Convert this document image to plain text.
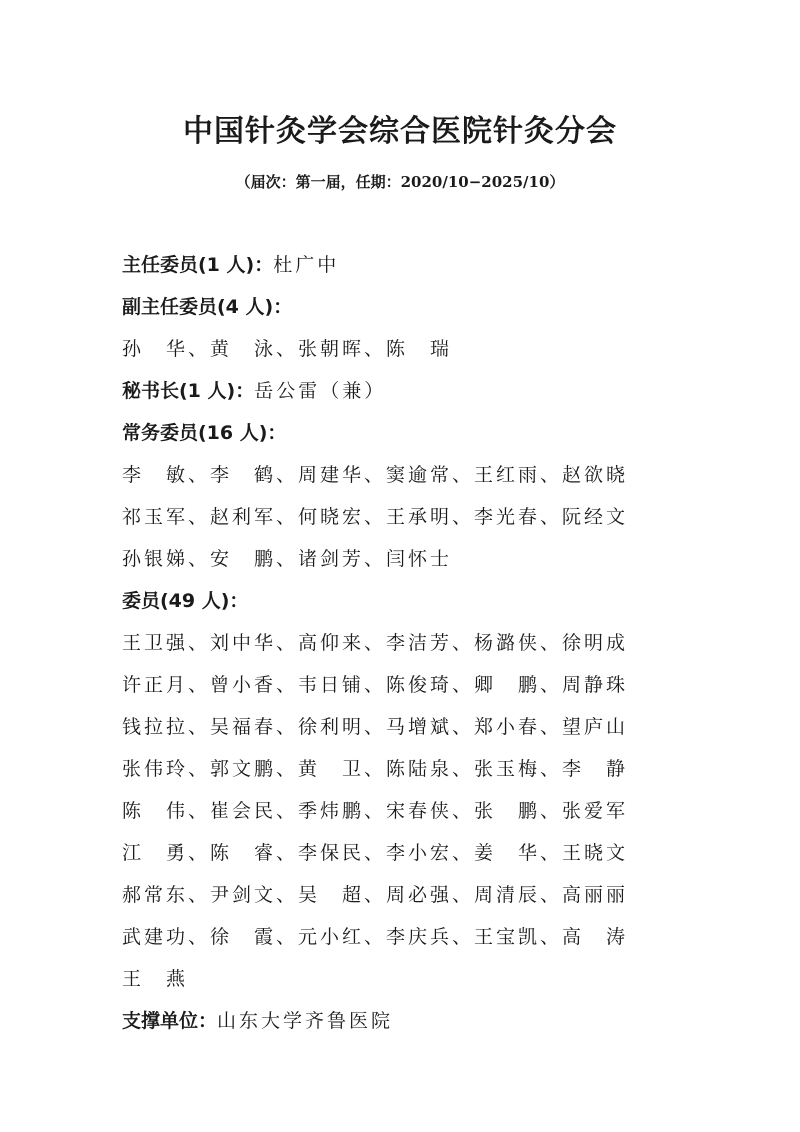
中国针灸学会综合医院针灸分会
（届次：第一届，任期：2020/10−2025/10）
主任委员(1 人)：杜广中
副主任委员(4 人)：
孙　华、黄　泳、张朝晖、陈　瑞
秘书长(1 人)：岳公雷（兼）
常务委员(16 人)：
李　敏、李　鹤、周建华、窦逾常、王红雨、赵欲晓
祁玉军、赵利军、何晓宏、王承明、李光春、阮经文
孙银娣、安　鹏、诸剑芳、闫怀士
委员(49 人)：
王卫强、刘中华、高仰来、李洁芳、杨潞侠、徐明成
许正月、曾小香、韦日铺、陈俊琦、卿　鹏、周静珠
钱拉拉、吴福春、徐利明、马增斌、郑小春、望庐山
张伟玲、郭文鹏、黄　卫、陈陆泉、张玉梅、李　静
陈　伟、崔会民、季炜鹏、宋春侠、张　鹏、张爱军
江　勇、陈　睿、李保民、李小宏、姜　华、王晓文
郝常东、尹剑文、吴　超、周必强、周清辰、高丽丽
武建功、徐　霞、元小红、李庆兵、王宝凯、高　涛
王　燕
支撑单位：山东大学齐鲁医院
